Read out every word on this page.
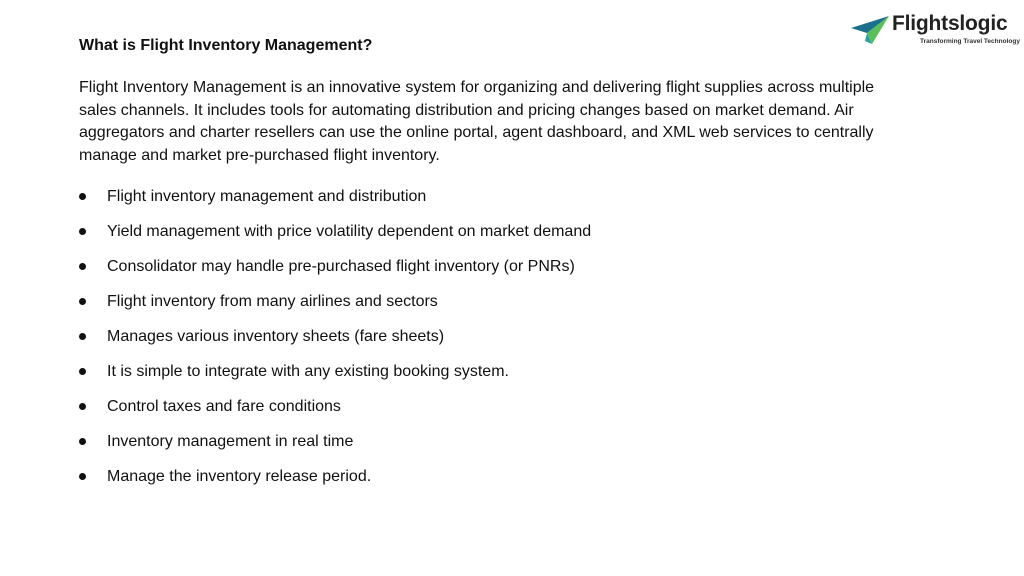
Flightslogic
Transforming Travel Technology
What is Flight Inventory Management?

Flight Inventory Management is an innovative system for organizing and delivering flight supplies across multiple sales channels. It includes tools for automating distribution and pricing changes based on market demand. Air aggregators and charter resellers can use the online portal, agent dashboard, and XML web services to centrally manage and market pre-purchased flight inventory.

Flight inventory management and distribution
Yield management with price volatility dependent on market demand
Consolidator may handle pre-purchased flight inventory (or PNRs)
Flight inventory from many airlines and sectors
Manages various inventory sheets (fare sheets)
It is simple to integrate with any existing booking system.
Control taxes and fare conditions
Inventory management in real time
Manage the inventory release period.
